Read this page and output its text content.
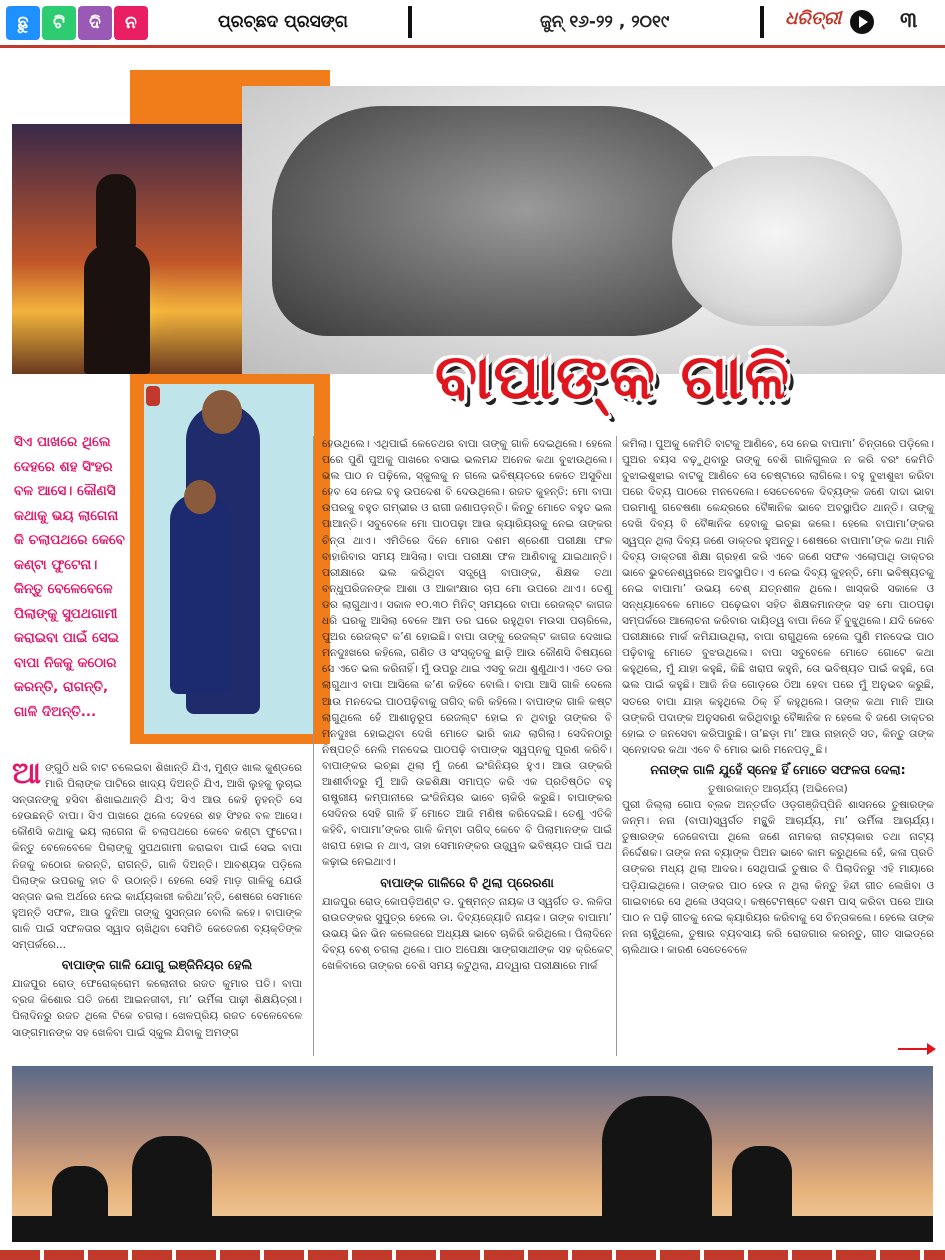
ଛୁ	ଟି	ଦି	ନ	ପ୍ରଚ୍ଛଦ ପ୍ରସଙ୍ଗ	ଜୁନ୍ ୧୬-୨୨ , ୨୦୧୯	ଧରିତ୍ରୀ	୩
ବାପାଙ୍କ ଗାଳି
ସିଏ ପାଖରେ ଥିଲେ ଦେହରେ ଶହ ସିଂହର ବଳ ଆସେ। କୌଣସି କଥାକୁ ଭୟ ଲାଗେନା କି ଚଲାପଥରେ କେବେ କଣ୍ଟା ଫୁଟେନା। କିନ୍ତୁ ବେଳେବେଳେ ପିଲାଙ୍କୁ ସୁପଥଗାମୀ କରାଇବା ପାଇଁ ସେଇ ବାପା ନିଜକୁ କଠୋର କରନ୍ତି, ରାଗନ୍ତି, ଗାଳି ଦିଅନ୍ତି...

ଆଙ୍ଗୁଠି ଧରି ବାଟ ଚଲେଇବା ଶିଖାନ୍ତି ଯିଏ, ମୁଣ୍ଡ ଖାଲ କୁଣ୍ଡରେ ମାରି ପିଲାଙ୍କ ପାଟିରେ ଖାଦ୍ୟ ଦିଅନ୍ତି ଯିଏ, ଆଖି ଲୁହକୁ ଲୁଚାଇ ସନ୍ତାନଙ୍କୁ ହସିବା ଶିଖାଇଥାନ୍ତି ଯିଏ; ସିଏ ଆଉ କେହି ନୁହନ୍ତି ସେ ହେଉଛନ୍ତି ବାପା। ସିଏ ପାଖରେ ଥିଲେ ଦେହରେ ଶହ ସିଂହର ବଳ ଆସେ। କୌଣସି କଥାକୁ ଭୟ ଲାଗେନା କି ଚଲାପଥରେ କେବେ କଣ୍ଟା ଫୁଟେନା। କିନ୍ତୁ ବେଳେବେଳେ ପିଲାଙ୍କୁ ସୁପଥଗାମୀ କରାଇବା ପାଇଁ ସେଇ ବାପା ନିଜକୁ କଠୋର କରନ୍ତି, ରାଗନ୍ତି, ଗାଳି ଦିଅନ୍ତି। ଆବଶ୍ୟକ ପଡ଼ିଲେ ପିଲାଙ୍କ ଉପରକୁ ହାତ ବି ଉଠାନ୍ତି। ହେଲେ ସେହି ମାଡ଼ ଗାଳିକୁ ଯେଉଁ ସନ୍ତାନ ଭଲ ଅର୍ଥରେ ନେଇ କାର୍ଯ୍ୟକାରୀ କରିଥା’ନ୍ତି, ଶେଷରେ ସେମାନେ ହୁଅନ୍ତି ସଫଳ, ଆଉ ଦୁନିଆ ତାଙ୍କୁ ସୁସନ୍ତାନ ବୋଲି କହେ। ବାପାଙ୍କ ଗାଳି ପାଇଁ ସଫଳତାର ସ୍ୱାଦ ଚାଖିଥିବା ସେମିତି କେତେଜଣ ବ୍ୟକ୍ତିଙ୍କ ସମ୍ପର୍କରେ...

ବାପାଙ୍କ ଗାଳି ଯୋଗୁ ଇଞ୍ଜିନିୟର ହେଲି

ଯାଜପୁର ରୋଡ୍ ଫେରୋକ୍ରୋମ କଲୋନୀର ରଜତ କୁମାର ପତି। ବାପା ବ୍ରଜ କିଶୋର ପତି ଜଣେ ଆଇନଜୀବୀ, ମା’ ଉର୍ମିଳା ପାଢ଼ୀ ଶିକ୍ଷୟିତ୍ରୀ। ପିଲାଦିନରୁ ରଜତ ଥିଲେ ଟିକେ ଚଗଲା। ଖେଳପ୍ରିୟ ରଜତ ବେଳେବେଳେ ସାଙ୍ଗମାନଙ୍କ ସହ ଖେଳିବା ପାଇଁ ସ୍କୁଲ ଯିବାକୁ ଅମଙ୍ଗ

ହେଉଥିଲେ। ଏଥିପାଇଁ କେତେଥର ବାପା ତାଙ୍କୁ ଗାଳି ଦେଇଥିଲେ। ହେଲେ ପରେ ପୁଣି ପୁଅକୁ ପାଖରେ ବସାଇ ଭଲମନ୍ଦ ଅନେକ କଥା ବୁଝାଉଥିଲେ। ଭଲ ପାଠ ନ ପଢ଼ିଲେ, ସ୍କୁଲକୁ ନ ଗଲେ ଭବିଷ୍ୟତରେ କେତେ ଅସୁବିଧା ହେବ ସେ ନେଇ ବହୁ ଉପଦେଶ ବି ଦେଉଥିଲେ। ରଜତ କୁହନ୍ତି: ମୋ ବାପା ଉପରକୁ ବହୁତ ଗମ୍ଭୀର ଓ ରାଗୀ ଜଣାପଡ଼ନ୍ତି। କିନ୍ତୁ ମୋତେ ବହୁତ ଭଲ ପାଆନ୍ତି। ସବୁବେଳେ ମୋ ପାଠପଢ଼ା ଆଉ କ୍ୟାରିୟରକୁ ନେଇ ତାଙ୍କର ଚିନ୍ତା ଥାଏ। ଏମିତିରେ ଦିନେ ମୋର ଦଶମ ଶ୍ରେଣୀ ପରୀକ୍ଷା ଫଳ ବାହାରିବାର ସମୟ ଆସିଲା। ବାପା ପରୀକ୍ଷା ଫଳ ଆଣିବାକୁ ଯାଇଥାନ୍ତି। ପରୀକ୍ଷାରେ ଭଲ କରିଥିବା ସତ୍ତ୍ୱେ ବାପାଙ୍କ, ଶିକ୍ଷକ ତଥା ବନ୍ଧୁପରିଜନଙ୍କ ଆଶା ଓ ଆକାଂକ୍ଷାର ଚାପ ମୋ ଉପରେ ଥାଏ। ତେଣୁ ଡର ଲାଗୁଥାଏ। ସକାଳ ୧୦.୩୦ ମିନିଟ୍ ସମୟରେ ବାପା ରେଜଲ୍ଟ କାଗଜ ଧରି ଘରକୁ ଆସିଲା ବେଳେ ଆମ ଡର ଘରେ ରହୁଥିବା ମଉସା ପଚାରିଲେ, ପୁଅର ରେଜଲ୍ଟ କ’ଣ ହୋଇଛି। ବାପା ତାଙ୍କୁ ରେଜଲ୍ଟ କାଗଜ ଦେଖାଇ ମନଦୁଃଖରେ କହିଲେ, ଗଣିତ ଓ ସଂସ୍କୃତକୁ ଛାଡ଼ି ଆଉ କୌଣସି ବିଷୟରେ ସେ ଏତେ ଭଲ କରିନାହିଁ। ମୁଁ ଉପରୁ ଥାଇ ଏସବୁ କଥା ଶୁଣୁଥାଏ। ଏତେ ଡର ଲାଗୁଥାଏ ବାପା ଆସିଲେ କ’ଣ କହିବେ ବୋଲି। ବାପା ଆସି ଗାଳି ଦେଲେ ଆଉ ମନଦେଇ ପାଠପଢ଼ିବାକୁ ତାଗିଦ୍ କରି କହିଲେ। ବାପାଙ୍କ ଗାଳି କଷ୍ଟ ଲାଗୁଥିଲେ ହେଁ ଆଶାନୁରୂପ ରେଜଲ୍ଟ ହୋଇ ନ ଥିବାରୁ ତାଙ୍କର ବି ମନଦୁଃଖ ହୋଇଥିବା ଦେଖି ମୋତେ ଭାରି କାନ୍ଦ ଲାଗିଲା। ସେଦିନଠାରୁ ନିଷ୍ପତ୍ତି ନେଲି ମନଦେଇ ପାଠପଢ଼ି ବାପାଙ୍କ ସ୍ୱପ୍ନକୁ ପୂରଣ କରିବି। ବାପାଙ୍କର ଇଚ୍ଛା ଥିଲା ମୁଁ ଜଣେ ଇଂଜିନିୟର ହୁଏ। ଆଉ ତାଙ୍କରି ଆଶୀର୍ବାଦରୁ ମୁଁ ଆଜି ଉଚ୍ଚଶିକ୍ଷା ସମାପ୍ତ କରି ଏକ ପ୍ରତିଷ୍ଠିତ ବହୁ ରାଷ୍ଟ୍ରୀୟ କମ୍ପାନୀରେ ଇଂଜିନିୟର ଭାବେ ଚାକିରି କରୁଛି। ବାପାଙ୍କର ସେଦିନର ସେହି ଗାଳି ହିଁ ମୋତେ ଆଜି ମଣିଷ କରିଦେଇଛି। ତେଣୁ ଏତିକି କହିବି, ବାପାମା’ଙ୍କର ଗାଳି କିମ୍ବା ତାଗିଦ୍ କେବେ ବି ପିଲାମାନଙ୍କ ପାଇଁ ଖରାପ ହୋଇ ନ ଥାଏ, ତାହା ସେମାନଙ୍କର ଉଜ୍ଜ୍ୱଳ ଭବିଷ୍ୟତ ପାଇଁ ପଥ କଢ଼ାଇ ନେଇଥାଏ।

ବାପାଙ୍କ ଗାଳିରେ ବି ଥିଲା ପ୍ରେରଣା

ଯାଜପୁର ରୋଡ୍ କୋପଡ଼ିଅଣ୍ଟ ଡ. ଦୁଷ୍ମନ୍ତ ନାୟକ ଓ ସ୍ୱର୍ଗତ ଡ. ଲଳିତା ରାଉତଙ୍କର ସୁପୁତ୍ର ହେଲେ ଡା. ଦିବ୍ୟଜ୍ୟୋତି ନାୟକ। ତାଙ୍କ ବାପାମା’ ଉଭୟ ଭିନ ଭିନ କଲେଜରେ ଅଧ୍ୟକ୍ଷ ଭାବେ ଚାକିରି କରିଥିଲେ। ପିଲାଦିନେ ଦିବ୍ୟ ବେଶ୍ ଚଗଲା ଥିଲେ। ପାଠ ଅପେକ୍ଷା ସାଙ୍ଗସାଥୀଙ୍କ ସହ କ୍ରିକେଟ୍ ଖେଳିବାରେ ତାଙ୍କର ବେଶି ସମୟ କଟୁଥିଲା, ଯଦ୍ୱାରା ପରୀକ୍ଷାରେ ମାର୍କ

କମିଲା। ପୁଅକୁ କେମିତି ବାଟକୁ ଆଣିବେ, ସେ ନେଇ ବାପାମା’ ଚିନ୍ତାରେ ପଡ଼ିଲେ। ପୁଅର ବୟସ ବଢ଼ୁଥିବାରୁ ତାଙ୍କୁ ବେଶି ଗାଳିଗୁଲଜ ନ କରି ବରଂ କେମିତି ବୁଝାଇଶୁଝାଇ ବାଟକୁ ଆଣିବେ ସେ ଚେଷ୍ଟାରେ ଲାଗିଲେ। ବହୁ ବୁଝାଶୁଝା କରିବା ପରେ ଦିବ୍ୟ ପାଠରେ ମନଦେଲେ। ସେତେବେଳେ ଦିବ୍ୟଙ୍କ ଜଣେ ଦାଦା ଭାବା ପରମାଣୁ ଗବେଷଣା କେନ୍ଦ୍ରରେ ବୈଜ୍ଞାନିକ ଭାବେ ଅବସ୍ଥାପିତ ଥାନ୍ତି। ତାଙ୍କୁ ଦେଖି ଦିବ୍ୟ ବି ବୈଜ୍ଞାନିକ ହେବାକୁ ଇଚ୍ଛା କଲେ। ହେଲେ ବାପାମା’ଙ୍କର ସ୍ୱପ୍ନ ଥିଲା ଦିବ୍ୟ ଜଣେ ଡାକ୍ତର ହୁଅନ୍ତୁ। ଶେଷରେ ବାପାମା’ଙ୍କ କଥା ମାନି ଦିବ୍ୟ ଡାକ୍ତରୀ ଶିକ୍ଷା ଗ୍ରହଣ କରି ଏବେ ଜଣେ ସଫଳ ଏଲୋପାଥି ଡାକ୍ତର ଭାବେ ଭୁବନେଶ୍ୱରରେ ଅବସ୍ଥାପିତ। ଏ ନେଇ ଦିବ୍ୟ କୁହନ୍ତି, ମୋ ଭବିଷ୍ୟତକୁ ନେଇ ବାପାମା’ ଉଭୟ ବେଶ୍ ଯତ୍ନଶୀଳ ଥିଲେ। ଖାସ୍‌କରି ସକାଳେ ଓ ସନ୍ଧ୍ୟାବେଳେ ମୋତେ ପଢ଼େଇବା ସହିତ ଶିକ୍ଷକମାନଙ୍କ ସହ ମୋ ପାଠପଢ଼ା ସମ୍ପର୍କରେ ଆଲୋଚନା କରିବାର ଦାୟିତ୍ୱ ବାପା ନିଜେ ହିଁ ବୁଝୁଥିଲେ। ଯଦି କେବେ ପରୀକ୍ଷାରେ ମାର୍କ କମିଯାଉଥିଲା, ବାପା ରାଗୁଥିଲେ ହେଲେ ପୁଣି ମନଦେଇ ପାଠ ପଢ଼ିବାକୁ ମୋତେ ବୁଝଉଥିଲେ। ବାପା ସବୁବେଳେ ମୋତେ ଗୋଟେ କଥା କହୁଥିଲେ, ମୁଁ ଯାହା କହୁଛି, କିଛି ଖରାପ କହୁନି, ତୋ ଭବିଷ୍ୟତ ପାଇଁ କହୁଛି, ତୋ ଭଲ ପାଇଁ କହୁଛି। ଆଜି ନିଜ ଗୋଡ଼ରେ ଠିଆ ହେବା ପରେ ମୁଁ ଅନୁଭବ କରୁଛି, ସତରେ ବାପା ଯାହା କହୁଥିଲେ ଠିକ୍ ହିଁ କହୁଥିଲେ। ତାଙ୍କ କଥା ମାନି ଆଉ ତାଙ୍କରି ପଦାଙ୍କ ଅନୁସରଣ କରିଥିବାରୁ ବୈଜ୍ଞାନିକ ନ ହେଲେ ବି ଜଣେ ଡାକ୍ତର ହୋଇ ତ ଜନସେବା କରିପାରୁଛି। ତା’ଛଡ଼ା ମା’ ଆଉ ନାହାନ୍ତି ସତ, କିନ୍ତୁ ତାଙ୍କ ସ୍ନେହାଦର କଥା ଏବେ ବି ମୋର ଭାରି ମନେପଡ଼ୁଛି।

ନନାଙ୍କ ଗାଳି ଯୁହେଁ ସ୍ନେହ ହିଁ ମୋତେ ସଫଳତା ଦେଲା:
ତୁଷାରକାନ୍ତ ଆଚାର୍ଯ୍ୟ (ଅଭିନେତା)

ପୁରୀ ଜିଲ୍ଲା ଗୋପ ବ୍ଲକ ଅନ୍ତର୍ଗତ ଓଡ଼ଗଞ୍ଜିପ୍ପିନି ଶାସନରେ ତୁଷାରଙ୍କ ଜନ୍ମ। ନନା (ବାପା)ସ୍ୱର୍ଗତ ମନ୍ଥୁକି ଆଚାର୍ଯ୍ୟ, ମା’ ଉର୍ମିଳା ଆଚାର୍ଯ୍ୟ। ତୁଷାରଙ୍କ ଜେଜେବାପା ଥିଲେ ଜଣେ ନାମକରା ନାଟ୍ୟକାର ତଥା ନାଟ୍ୟ ନିର୍ଦ୍ଦେଶକ। ତାଙ୍କ ନନା ବ୍ୟାଙ୍କ ପିଅନ ଭାବେ କାମ କରୁଥିଲେ ହେଁ, କଳା ପ୍ରତି ତାଙ୍କର ମଧ୍ୟ ଥିଲା ଆଦର। ସେଥିପାଇଁ ତୁଷାର ବି ପିଲାଦିନରୁ ଏହି ମାୟାରେ ପଡ଼ିଯାଇଥିଲେ। ତାଙ୍କର ପାଠ ହେଉ ନ ଥିଲା କିନ୍ତୁ ହିନ୍ଦୀ ଗୀତ ଲେଖିବା ଓ ଗାଇବାରେ ସେ ଥିଲେ ଓସ୍ତାଦ୍। କଷ୍ଟେମଷ୍ଟେ ଦଶମ ପାସ୍ କରିବା ପରେ ଆଉ ପାଠ ନ ପଢ଼ି ଗୀତକୁ ନେଇ କ୍ୟାରିୟର କରିବାକୁ ସେ ଚିନ୍ତାକଲେ। ହେଲେ ତାଙ୍କ ନନା ଚାହୁଁଥିଲେ, ତୁଷାର ବ୍ୟବସାୟ କରି ରୋଜଗାର କରନ୍ତୁ, ଗୀତ ସାଇଡ୍‌ରେ ଚାଲିଥାଉ। କାରଣ ସେତେବେଳେ
